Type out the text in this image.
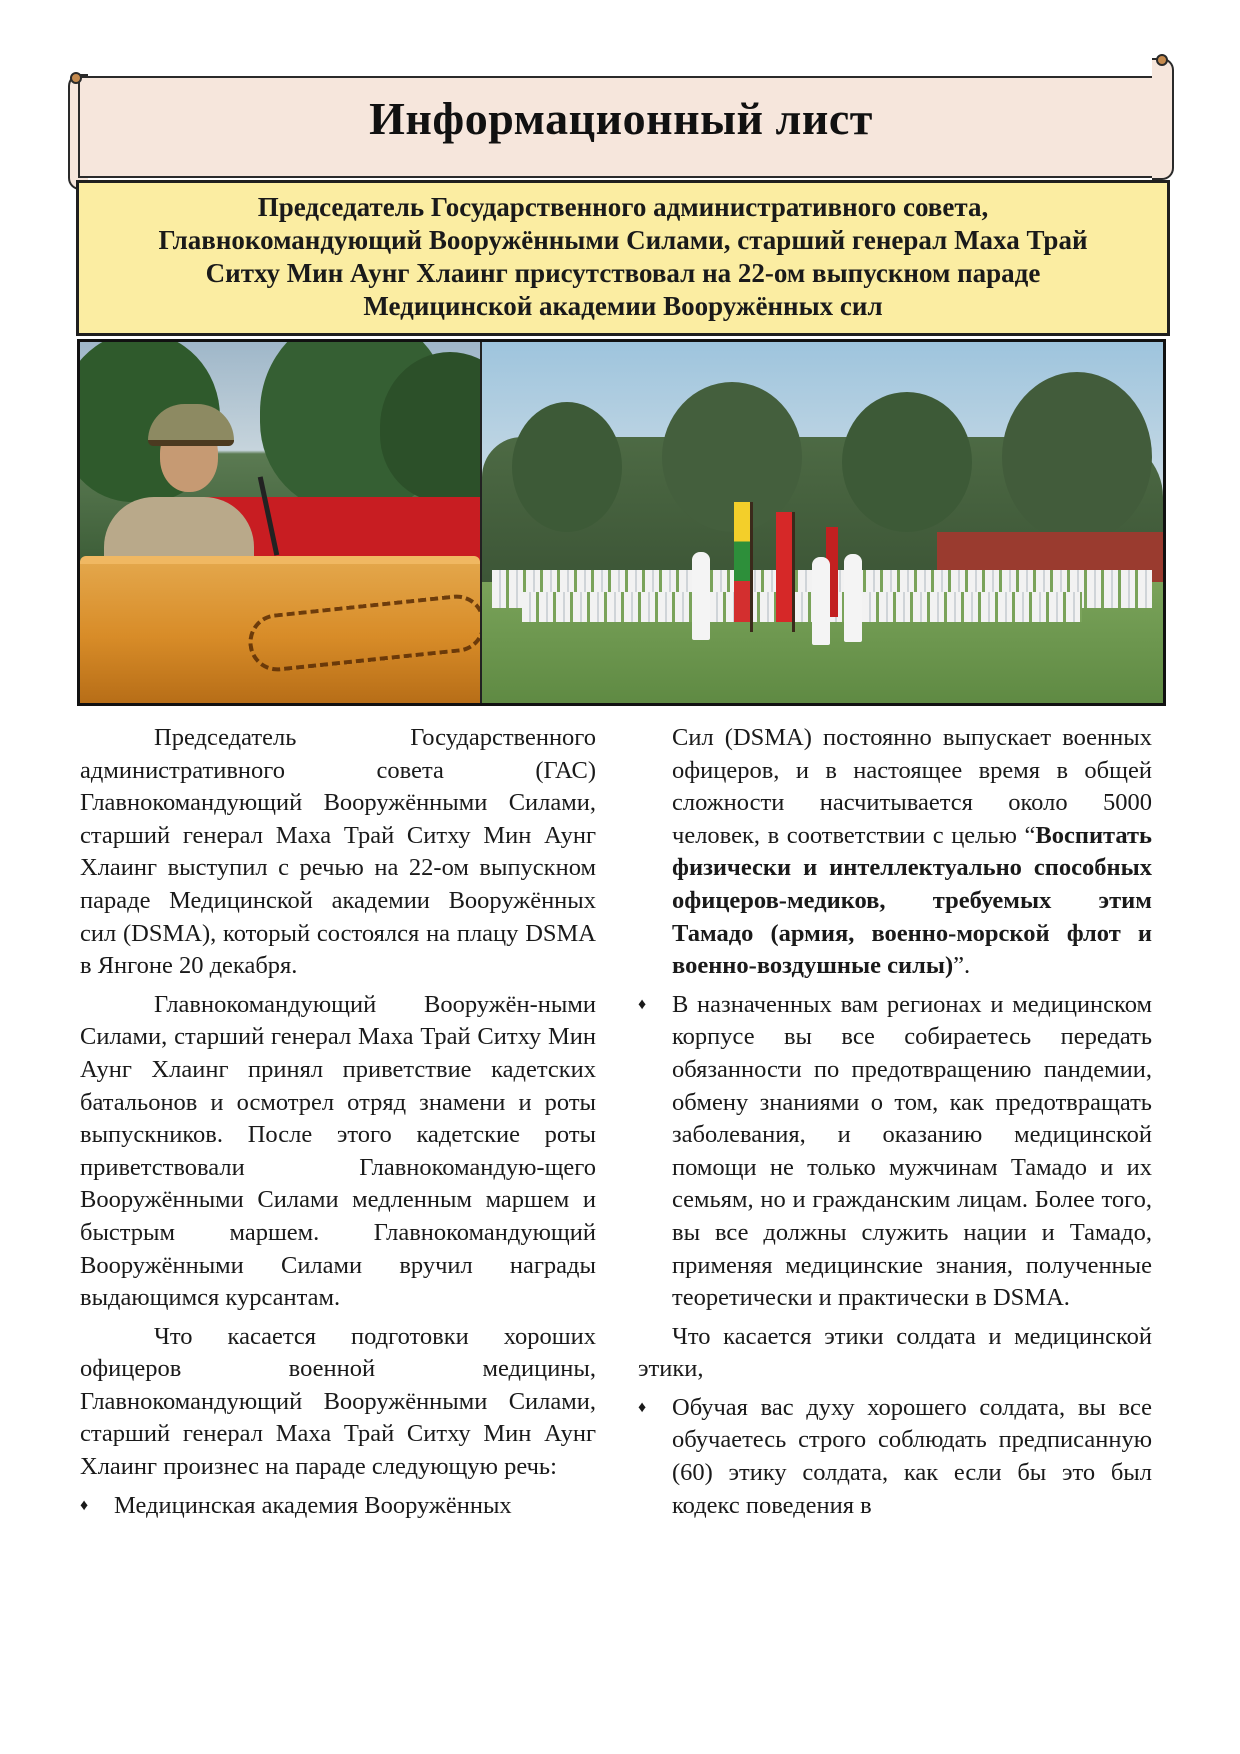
Информационный лист
Председатель Государственного административного совета,
Главнокомандующий Вооружёнными Силами, старший генерал Маха Трай
Ситху Мин Аунг Хлаинг присутствовал на 22-ом выпускном параде
Медицинской академии Вооружённых сил

Председатель Государственного административного совета (ГАС) Главнокомандующий Вооружёнными Силами, старший генерал Маха Трай Ситху Мин Аунг Хлаинг выступил с речью на 22-ом выпускном параде Медицинской академии Вооружённых сил (DSMA), который состоялся на плацу DSMA в Янгоне 20 декабря.

Главнокомандующий Вооружён-ными Силами, старший генерал Маха Трай Ситху Мин Аунг Хлаинг принял приветствие кадетских батальонов и осмотрел отряд знамени и роты выпускников. После этого кадетские роты приветствовали Главнокомандую-щего Вооружёнными Силами медленным маршем и быстрым маршем. Главнокомандующий Вооружёнными Силами вручил награды выдающимся курсантам.

Что касается подготовки хороших офицеров военной медицины, Главнокомандующий Вооружёнными Силами, старший генерал Маха Трай Ситху Мин Аунг Хлаинг произнес на параде следующую речь:

♦ Медицинская академия Вооружённых

Сил (DSMA) постоянно выпускает военных офицеров, и в настоящее время в общей сложности насчитывается около 5000 человек, в соответствии с целью “Воспитать физически и интеллектуально способных офицеров-медиков, требуемых этим Тамадо (армия, военно-морской флот и военно-воздушные силы)”.

♦ В назначенных вам регионах и медицинском корпусе вы все собираетесь передать обязанности по предотвращению пандемии, обмену знаниями о том, как предотвращать заболевания, и оказанию медицинской помощи не только мужчинам Тамадо и их семьям, но и гражданским лицам. Более того, вы все должны служить нации и Тамадо, применяя медицинские знания, полученные теоретически и практически в DSMA.

Что касается этики солдата и медицинской этики,

♦ Обучая вас духу хорошего солдата, вы все обучаетесь строго соблюдать предписанную (60) этику солдата, как если бы это был кодекс поведения в
